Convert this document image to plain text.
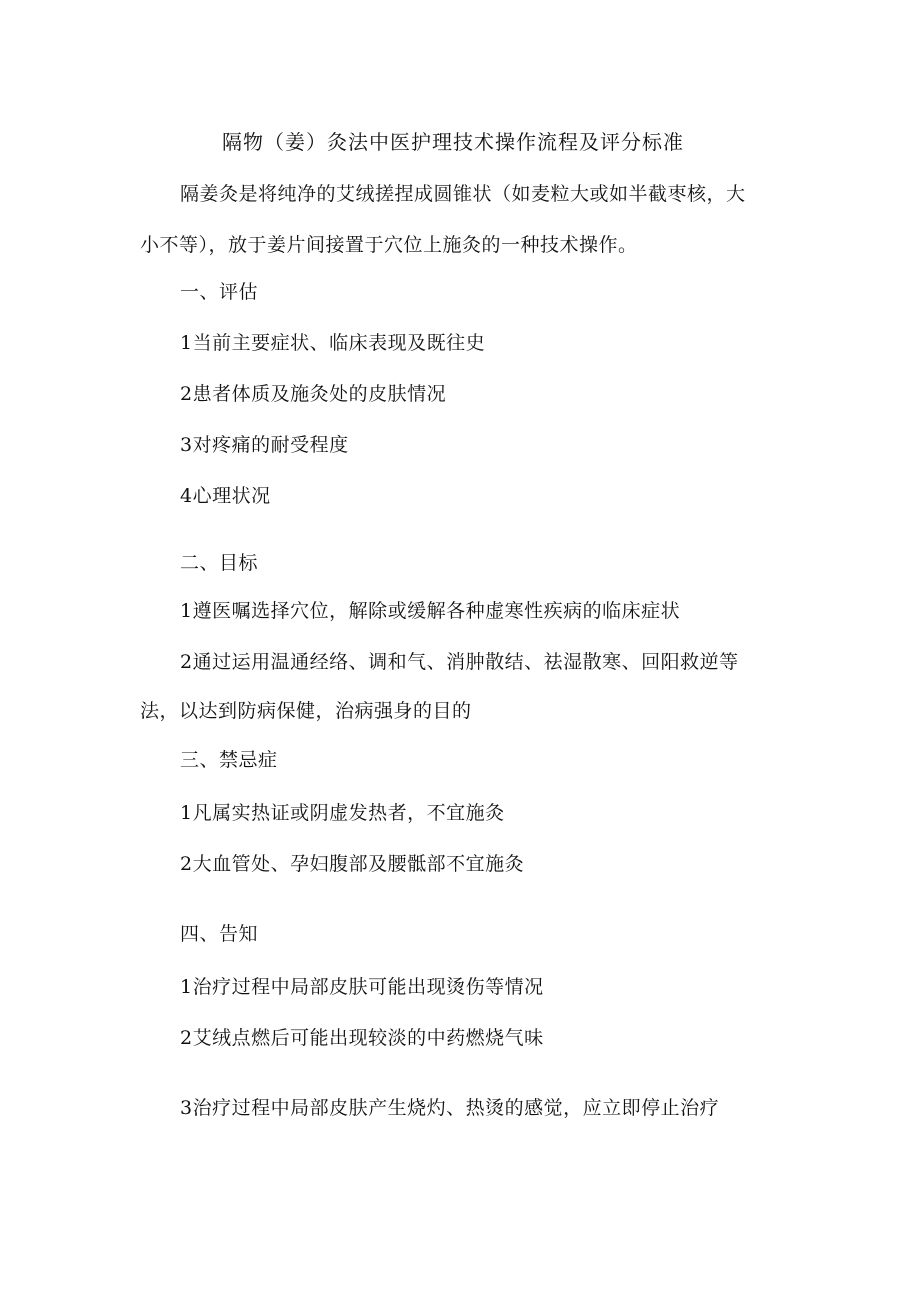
隔物（姜）灸法中医护理技术操作流程及评分标准
隔姜灸是将纯净的艾绒搓捏成圆锥状（如麦粒大或如半截枣核，大
小不等），放于姜片间接置于穴位上施灸的一种技术操作。
一、评估
1当前主要症状、临床表现及既往史
2患者体质及施灸处的皮肤情况
3对疼痛的耐受程度
4心理状况
二、目标
1遵医嘱选择穴位，解除或缓解各种虚寒性疾病的临床症状
2通过运用温通经络、调和气、消肿散结、祛湿散寒、回阳救逆等
法，以达到防病保健，治病强身的目的
三、禁忌症
1凡属实热证或阴虚发热者，不宜施灸
2大血管处、孕妇腹部及腰骶部不宜施灸
四、告知
1治疗过程中局部皮肤可能出现烫伤等情况
2艾绒点燃后可能出现较淡的中药燃烧气味
3治疗过程中局部皮肤产生烧灼、热烫的感觉，应立即停止治疗
